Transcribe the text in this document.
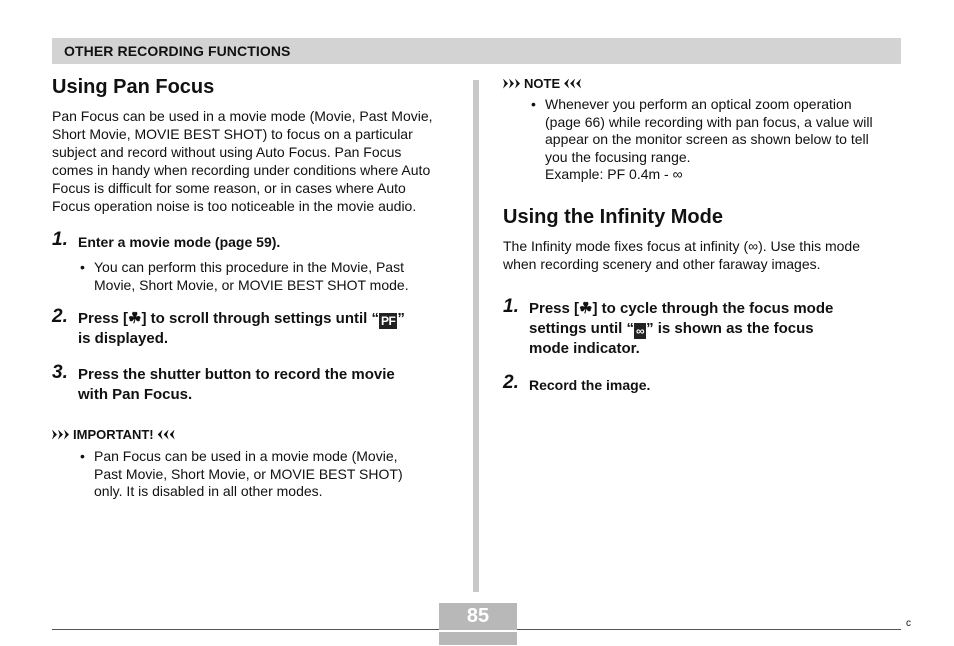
OTHER RECORDING FUNCTIONS
Using Pan Focus

Pan Focus can be used in a movie mode (Movie, Past Movie,
Short Movie, MOVIE BEST SHOT) to focus on a particular
subject and record without using Auto Focus. Pan Focus
comes in handy when recording under conditions where Auto
Focus is difficult for some reason, or in cases where Auto
Focus operation noise is too noticeable in the movie audio.

1. Enter a movie mode (page 59).
• You can perform this procedure in the Movie, Past
Movie, Short Movie, or MOVIE BEST SHOT mode.
2. Press [☘] to scroll through settings until “ PF ”
is displayed.
3. Press the shutter button to record the movie
with Pan Focus.
IMPORTANT!
• Pan Focus can be used in a movie mode (Movie,
Past Movie, Short Movie, or MOVIE BEST SHOT)
only. It is disabled in all other modes.
NOTE
• Whenever you perform an optical zoom operation
(page 66) while recording with pan focus, a value will
appear on the monitor screen as shown below to tell
you the focusing range.
Example: PF 0.4m - ∞
Using the Infinity Mode

The Infinity mode fixes focus at infinity (∞). Use this mode
when recording scenery and other faraway images.

1. Press [☘] to cycle through the focus mode
settings until “ ∞ ” is shown as the focus
mode indicator.
2. Record the image.
85	c
